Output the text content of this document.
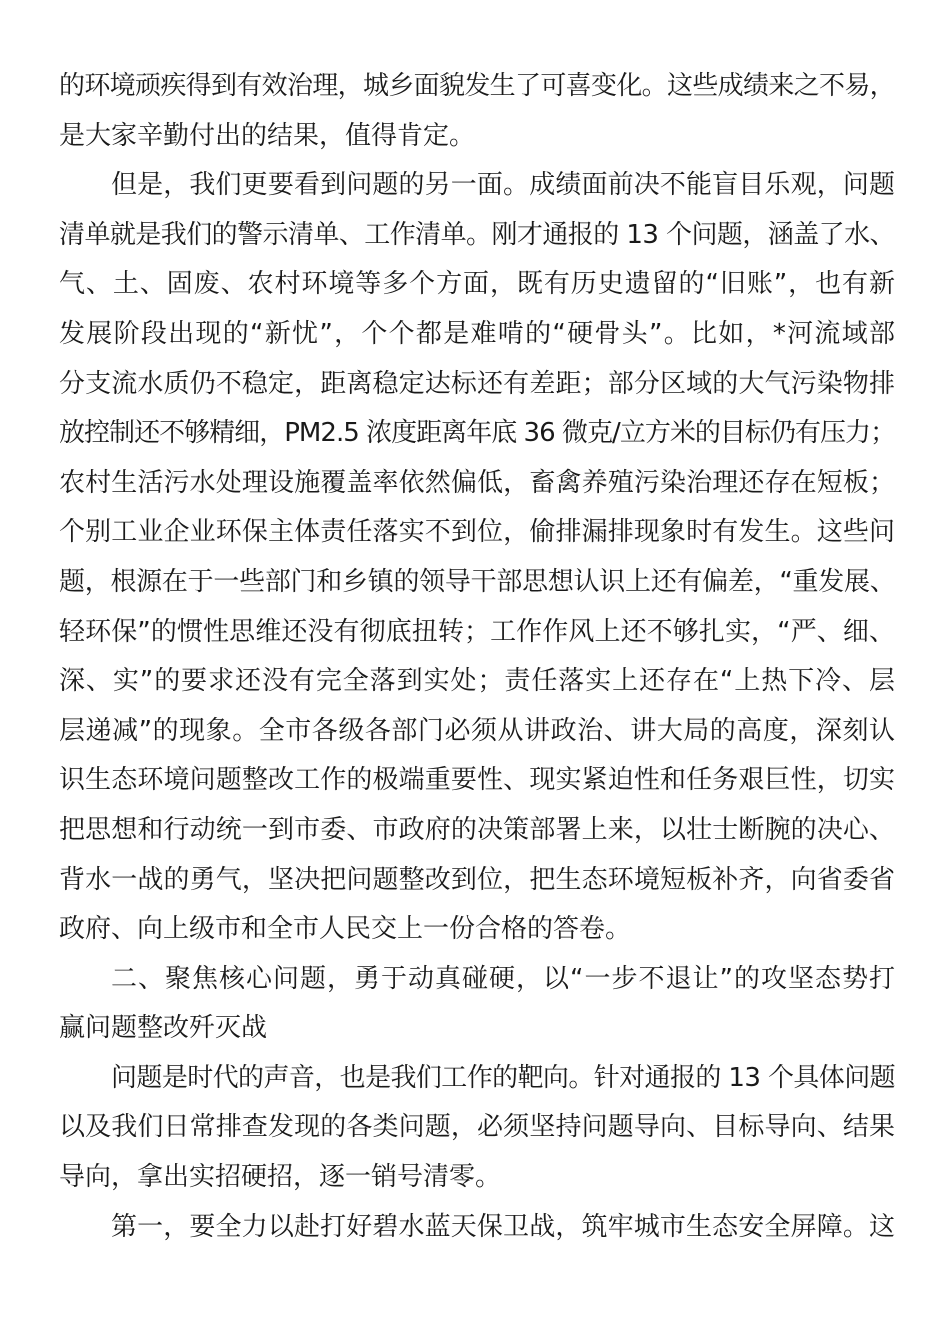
的环境顽疾得到有效治理，城乡面貌发生了可喜变化。这些成绩来之不易，
是大家辛勤付出的结果，值得肯定。
但是，我们更要看到问题的另一面。成绩面前决不能盲目乐观，问题
清单就是我们的警示清单、工作清单。刚才通报的 13 个问题，涵盖了水、
气、土、固废、农村环境等多个方面，既有历史遗留的“旧账”，也有新
发展阶段出现的“新忧”，个个都是难啃的“硬骨头”。比如，*河流域部
分支流水质仍不稳定，距离稳定达标还有差距；部分区域的大气污染物排
放控制还不够精细，PM2.5 浓度距离年底 36 微克/立方米的目标仍有压力；
农村生活污水处理设施覆盖率依然偏低，畜禽养殖污染治理还存在短板；
个别工业企业环保主体责任落实不到位，偷排漏排现象时有发生。这些问
题，根源在于一些部门和乡镇的领导干部思想认识上还有偏差，“重发展、
轻环保”的惯性思维还没有彻底扭转；工作作风上还不够扎实，“严、细、
深、实”的要求还没有完全落到实处；责任落实上还存在“上热下冷、层
层递减”的现象。全市各级各部门必须从讲政治、讲大局的高度，深刻认
识生态环境问题整改工作的极端重要性、现实紧迫性和任务艰巨性，切实
把思想和行动统一到市委、市政府的决策部署上来，以壮士断腕的决心、
背水一战的勇气，坚决把问题整改到位，把生态环境短板补齐，向省委省
政府、向上级市和全市人民交上一份合格的答卷。
二、聚焦核心问题，勇于动真碰硬，以“一步不退让”的攻坚态势打
赢问题整改歼灭战
问题是时代的声音，也是我们工作的靶向。针对通报的 13 个具体问题
以及我们日常排查发现的各类问题，必须坚持问题导向、目标导向、结果
导向，拿出实招硬招，逐一销号清零。
第一，要全力以赴打好碧水蓝天保卫战，筑牢城市生态安全屏障。这
